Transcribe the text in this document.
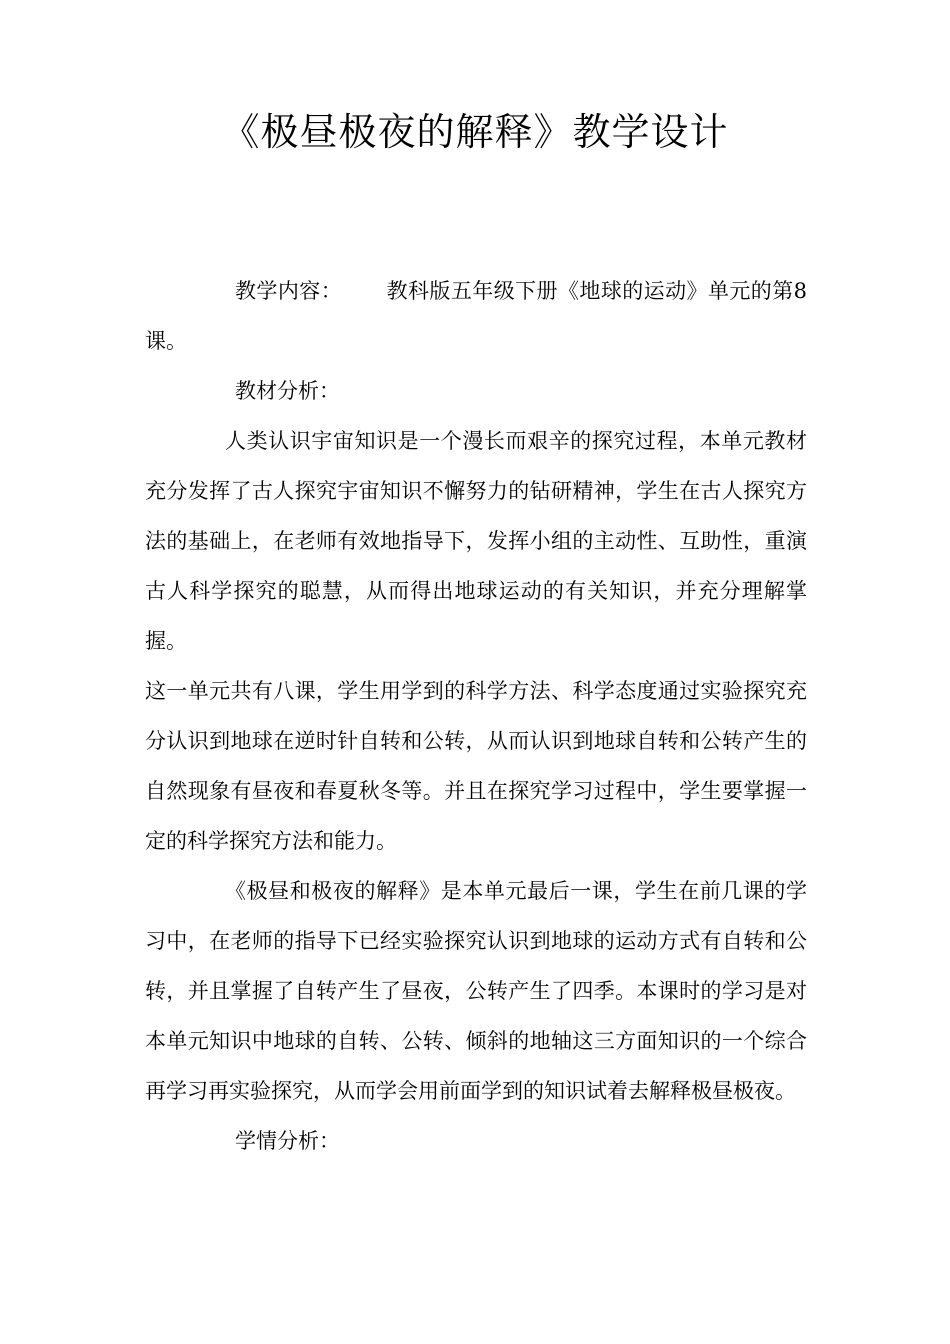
《极昼极夜的解释》教学设计

教学内容： 教科版五年级下册《地球的运动》单元的第8课。

教材分析：

人类认识宇宙知识是一个漫长而艰辛的探究过程，本单元教材充分发挥了古人探究宇宙知识不懈努力的钻研精神，学生在古人探究方法的基础上，在老师有效地指导下，发挥小组的主动性、互助性，重演古人科学探究的聪慧，从而得出地球运动的有关知识，并充分理解掌握。

这一单元共有八课，学生用学到的科学方法、科学态度通过实验探究充分认识到地球在逆时针自转和公转，从而认识到地球自转和公转产生的自然现象有昼夜和春夏秋冬等。并且在探究学习过程中，学生要掌握一定的科学探究方法和能力。

《极昼和极夜的解释》是本单元最后一课，学生在前几课的学习中，在老师的指导下已经实验探究认识到地球的运动方式有自转和公转，并且掌握了自转产生了昼夜，公转产生了四季。本课时的学习是对本单元知识中地球的自转、公转、倾斜的地轴这三方面知识的一个综合再学习再实验探究，从而学会用前面学到的知识试着去解释极昼极夜。

学情分析：
